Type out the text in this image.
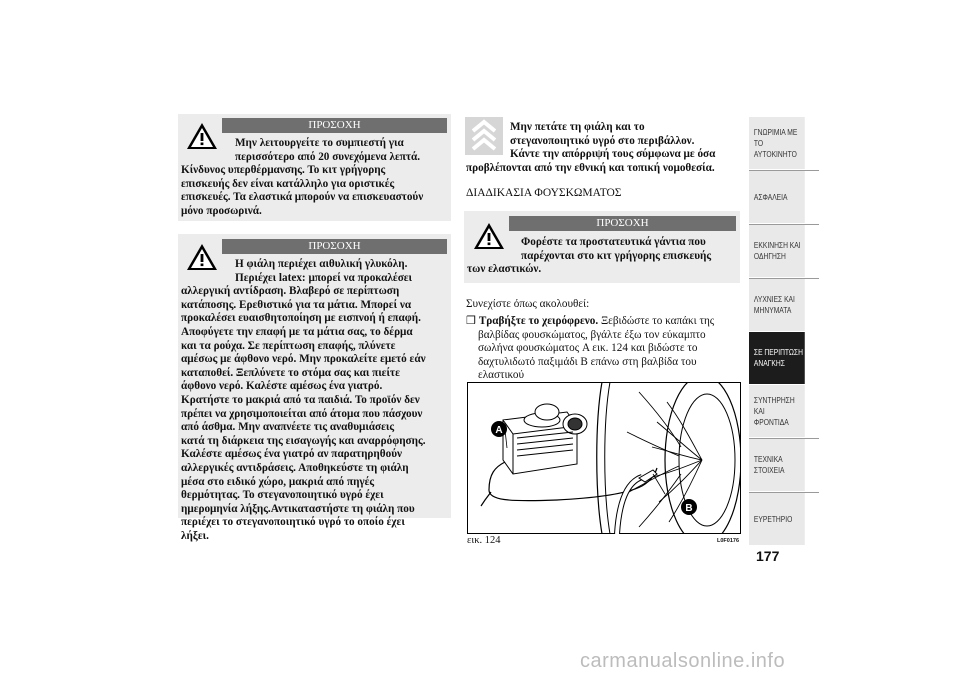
ΠΡΟΣΟΧΗ
Μην λειτουργείτε το συμπιεστή για
περισσότερο από 20 συνεχόμενα λεπτά.
Κίνδυνος υπερθέρμανσης. Το κιτ γρήγορης
επισκευής δεν είναι κατάλληλο για οριστικές
επισκευές. Τα ελαστικά μπορούν να επισκευαστούν
μόνο προσωρινά.
ΠΡΟΣΟΧΗ
Η φιάλη περιέχει αιθυλική γλυκόλη.
Περιέχει latex: μπορεί να προκαλέσει
αλλεργική αντίδραση. Βλαβερό σε περίπτωση
κατάποσης. Ερεθιστικό για τα μάτια. Μπορεί να
προκαλέσει ευαισθητοποίηση με εισπνοή ή επαφή.
Αποφύγετε την επαφή με τα μάτια σας, το δέρμα
και τα ρούχα. Σε περίπτωση επαφής, πλύνετε
αμέσως με άφθονο νερό. Μην προκαλείτε εμετό εάν
καταποθεί. Ξεπλύνετε το στόμα σας και πιείτε
άφθονο νερό. Καλέστε αμέσως ένα γιατρό.
Κρατήστε το μακριά από τα παιδιά. Το προϊόν δεν
πρέπει να χρησιμοποιείται από άτομα που πάσχουν
από άσθμα. Μην αναπνέετε τις αναθυμιάσεις
κατά τη διάρκεια της εισαγωγής και αναρρόφησης.
Καλέστε αμέσως ένα γιατρό αν παρατηρηθούν
αλλεργικές αντιδράσεις. Αποθηκεύστε τη φιάλη
μέσα στο ειδικό χώρο, μακριά από πηγές
θερμότητας. Το στεγανοποιητικό υγρό έχει
ημερομηνία λήξης.Αντικαταστήστε τη φιάλη που
περιέχει το στεγανοποιητικό υγρό το οποίο έχει
λήξει.
Μην πετάτε τη φιάλη και το
στεγανοποιητικό υγρό στο περιβάλλον.
Κάντε την απόρριψή τους σύμφωνα με όσα
προβλέπονται από την εθνική και τοπική νομοθεσία.
ΔΙΑΔΙΚΑΣΙΑ ΦΟΥΣΚΩΜΑΤΟΣ
ΠΡΟΣΟΧΗ
Φορέστε τα προστατευτικά γάντια που
παρέχονται στο κιτ γρήγορης επισκευής
των ελαστικών.
Συνεχίστε όπως ακολουθεί:
❒ Τραβήξτε το χειρόφρενο. Ξεβιδώστε το καπάκι της
βαλβίδας φουσκώματος, βγάλτε έξω τον εύκαμπτο
σωλήνα φουσκώματος A εικ. 124 και βιδώστε το
δαχτυλιδωτό παξιμάδι B επάνω στη βαλβίδα του
ελαστικού
A
B
εικ. 124	L0F0176
ΓΝΩΡΙΜΙΑ ΜΕ ΤΟ
ΑΥΤΟΚΙΝΗΤΟ
ΑΣΦΑΛΕΙΑ
ΕΚΚΙΝΗΣΗ ΚΑΙ
ΟΔΗΓΗΣΗ
ΛΥΧΝΙΕΣ ΚΑΙ
ΜΗΝΥΜΑΤΑ
ΣΕ ΠΕΡΙΠΤΩΣΗ
ΑΝΑΓΚΗΣ
ΣΥΝΤΗΡΗΣΗ ΚΑΙ
ΦΡΟΝΤΙΔΑ
ΤΕΧΝΙΚΑ ΣΤΟΙΧΕΙΑ
ΕΥΡΕΤΗΡΙΟ
177
carmanualsonline.info
